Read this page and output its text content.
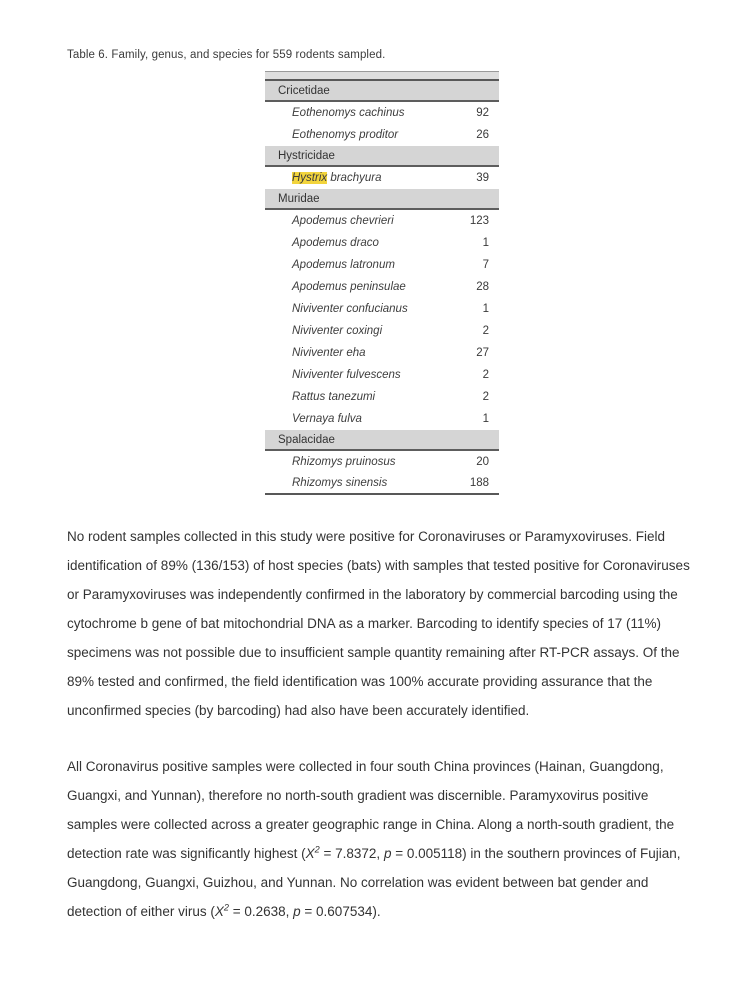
Table 6. Family, genus, and species for 559 rodents sampled.
Cricetidae
Eothenomys cachinus	92
Eothenomys proditor	26
Hystricidae
Hystrix brachyura	39
Muridae
Apodemus chevrieri	123
Apodemus draco	1
Apodemus latronum	7
Apodemus peninsulae	28
Niviventer confucianus	1
Niviventer coxingi	2
Niviventer eha	27
Niviventer fulvescens	2
Rattus tanezumi	2
Vernaya fulva	1
Spalacidae
Rhizomys pruinosus	20
Rhizomys sinensis	188

No rodent samples collected in this study were positive for Coronaviruses or Paramyxoviruses. Field identification of 89% (136/153) of host species (bats) with samples that tested positive for Coronaviruses or Paramyxoviruses was independently confirmed in the laboratory by commercial barcoding using the cytochrome b gene of bat mitochondrial DNA as a marker. Barcoding to identify species of 17 (11%) specimens was not possible due to insufficient sample quantity remaining after RT-PCR assays. Of the 89% tested and confirmed, the field identification was 100% accurate providing assurance that the unconfirmed species (by barcoding) had also have been accurately identified.

All Coronavirus positive samples were collected in four south China provinces (Hainan, Guangdong, Guangxi, and Yunnan), therefore no north-south gradient was discernible. Paramyxovirus positive samples were collected across a greater geographic range in China. Along a north-south gradient, the detection rate was significantly highest ($X^2 = 7.8372$, p = 0.005118) in the southern provinces of Fujian, Guangdong, Guangxi, Guizhou, and Yunnan. No correlation was evident between bat gender and detection of either virus ($X^2 = 0.2638$, p = 0.607534).
